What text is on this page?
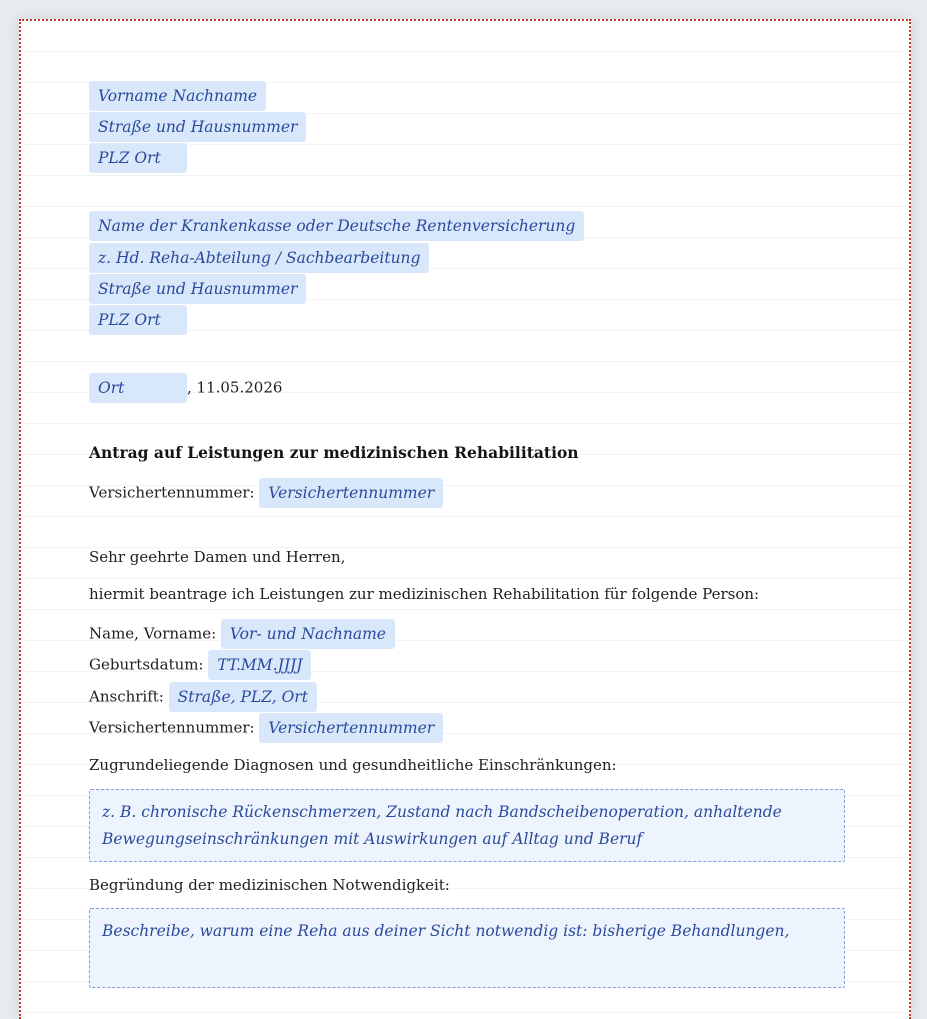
Vorname Nachname
Straße und Hausnummer
PLZ Ort
Name der Krankenkasse oder Deutsche Rentenversicherung
z. Hd. Reha-Abteilung / Sachbearbeitung
Straße und Hausnummer
PLZ Ort
Ort	, 11.05.2026
Antrag auf Leistungen zur medizinischen Rehabilitation
Versichertennummer: Versichertennummer
Sehr geehrte Damen und Herren,
hiermit beantrage ich Leistungen zur medizinischen Rehabilitation für folgende Person:
Name, Vorname: Vor- und Nachname
Geburtsdatum: TT.MM.JJJJ
Anschrift: Straße, PLZ, Ort
Versichertennummer: Versichertennummer
Zugrundeliegende Diagnosen und gesundheitliche Einschränkungen:
z. B. chronische Rückenschmerzen, Zustand nach Bandscheibenoperation, anhaltende
Bewegungseinschränkungen mit Auswirkungen auf Alltag und Beruf
Begründung der medizinischen Notwendigkeit:
Beschreibe, warum eine Reha aus deiner Sicht notwendig ist: bisherige Behandlungen,
